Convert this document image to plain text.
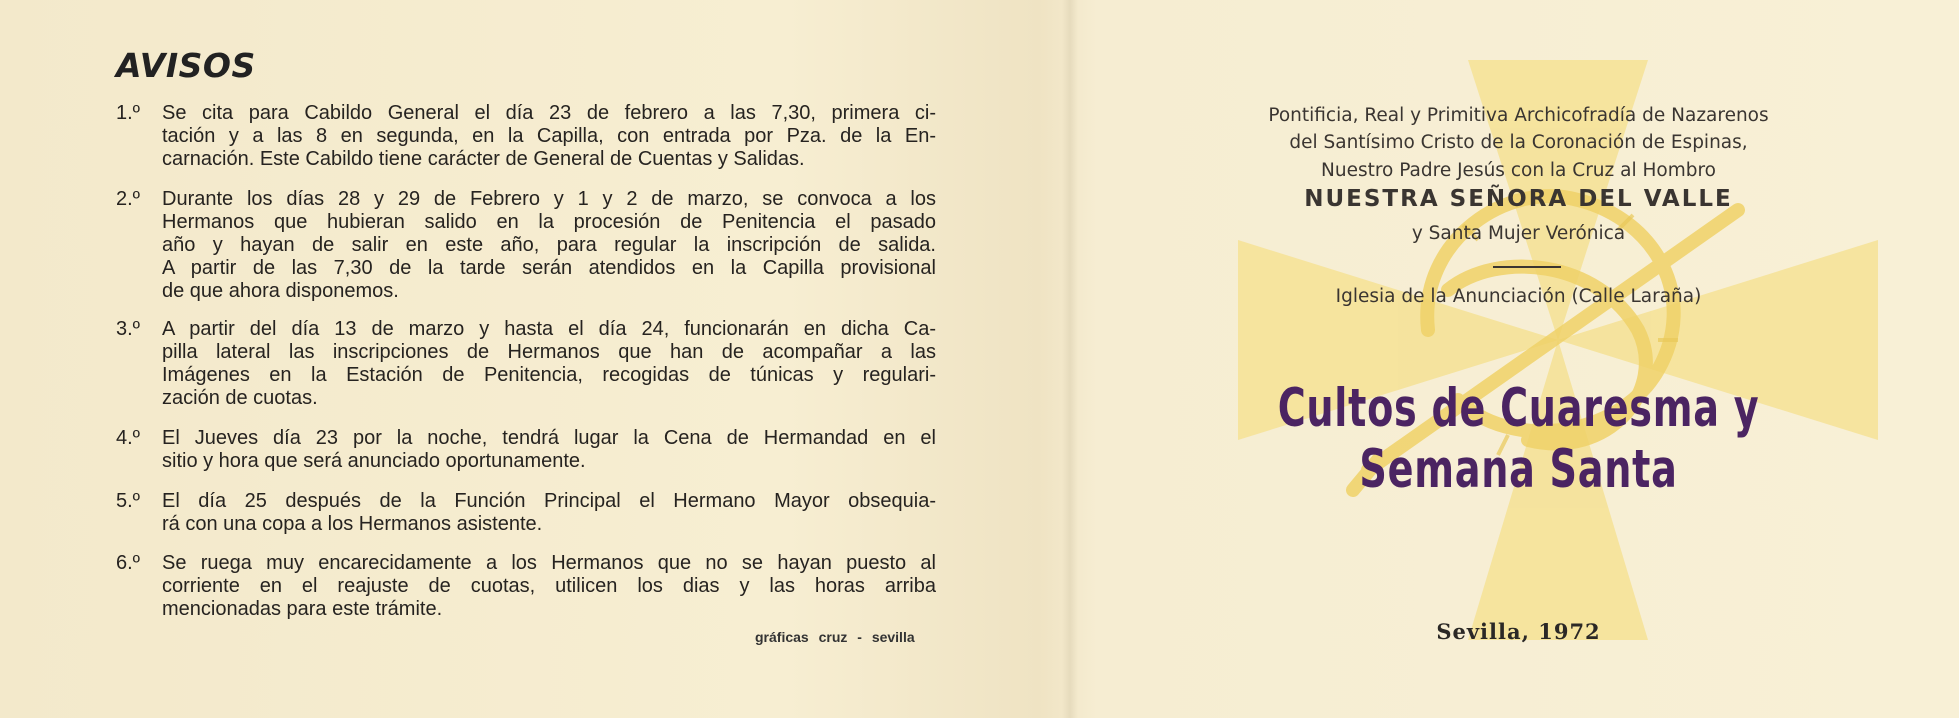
AVISOS
1.º Se cita para Cabildo General el día 23 de febrero a las 7,30, primera ci-
tación y a las 8 en segunda, en la Capilla, con entrada por Pza. de la En-
carnación. Este Cabildo tiene carácter de General de Cuentas y Salidas.
2.º Durante los días 28 y 29 de Febrero y 1 y 2 de marzo, se convoca a los
Hermanos que hubieran salido en la procesión de Penitencia el pasado
año y hayan de salir en este año, para regular la inscripción de salida.
A partir de las 7,30 de la tarde serán atendidos en la Capilla provisional
de que ahora disponemos.
3.º A partir del día 13 de marzo y hasta el día 24, funcionarán en dicha Ca-
pilla lateral las inscripciones de Hermanos que han de acompañar a las
Imágenes en la Estación de Penitencia, recogidas de túnicas y regulari-
zación de cuotas.
4.º El Jueves día 23 por la noche, tendrá lugar la Cena de Hermandad en el
sitio y hora que será anunciado oportunamente.
5.º El día 25 después de la Función Principal el Hermano Mayor obsequia-
rá con una copa a los Hermanos asistente.
6.º Se ruega muy encarecidamente a los Hermanos que no se hayan puesto al
corriente en el reajuste de cuotas, utilicen los dias y las horas arriba
mencionadas para este trámite.
gráficas cruz - sevilla
Pontificia, Real y Primitiva Archicofradía de Nazarenos
del Santísimo Cristo de la Coronación de Espinas,
Nuestro Padre Jesús con la Cruz al Hombro
NUESTRA SEÑORA DEL VALLE
y Santa Mujer Verónica
Iglesia de la Anunciación (Calle Laraña)
Cultos de Cuaresma y Semana Santa
Sevilla, 1972
